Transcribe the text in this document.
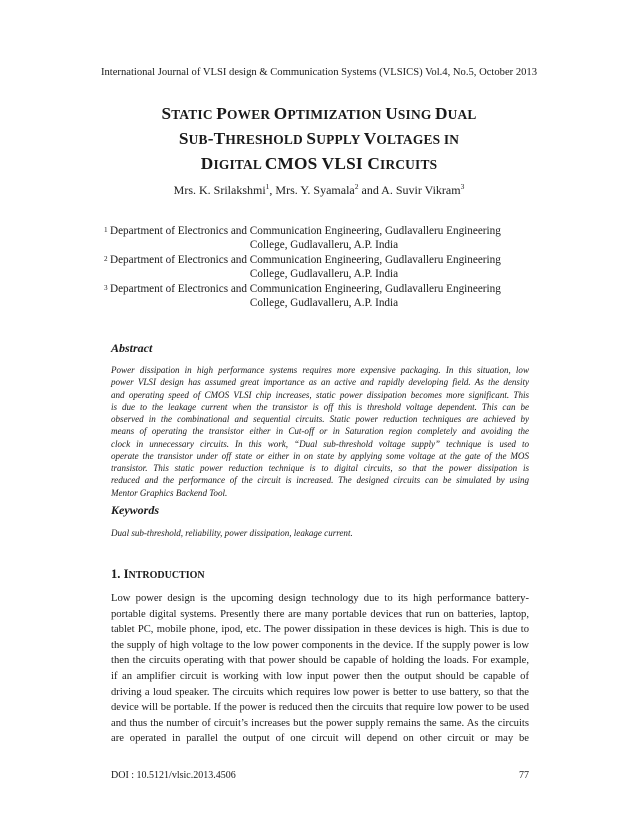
International Journal of VLSI design & Communication Systems (VLSICS) Vol.4, No.5, October 2013
STATIC POWER OPTIMIZATION USING DUAL
SUB-THRESHOLD SUPPLY VOLTAGES IN
DIGITAL CMOS VLSI CIRCUITS
Mrs. K. Srilakshmi$^1$, Mrs. Y. Syamala$^2$ and A. Suvir Vikram$^3$
1 Department of Electronics and Communication Engineering, Gudlavalleru Engineering
College, Gudlavalleru, A.P. India
2 Department of Electronics and Communication Engineering, Gudlavalleru Engineering
College, Gudlavalleru, A.P. India
3 Department of Electronics and Communication Engineering, Gudlavalleru Engineering
College, Gudlavalleru, A.P. India
Abstract
Power dissipation in high performance systems requires more expensive packaging. In this situation, low
power VLSI design has assumed great importance as an active and rapidly developing field. As the density
and operating speed of CMOS VLSI chip increases, static power dissipation becomes more significant. This
is due to the leakage current when the transistor is off this is threshold voltage dependent. This can be
observed in the combinational and sequential circuits. Static power reduction techniques are achieved by
means of operating the transistor either in Cut-off or in Saturation region completely and avoiding the
clock in unnecessary circuits. In this work, “Dual sub-threshold voltage supply” technique is used to
operate the transistor under off state or either in on state by applying some voltage at the gate of the MOS
transistor. This static power reduction technique is to digital circuits, so that the power dissipation is
reduced and the performance of the circuit is increased. The designed circuits can be simulated by using
Mentor Graphics Backend Tool.
Keywords
Dual sub-threshold, reliability, power dissipation, leakage current.
1. INTRODUCTION
Low power design is the upcoming design technology due to its high performance battery-
portable digital systems. Presently there are many portable devices that run on batteries, laptop,
tablet PC, mobile phone, ipod, etc. The power dissipation in these devices is high. This is due to
the supply of high voltage to the low power components in the device. If the supply power is low
then the circuits operating with that power should be capable of holding the loads. For example,
if an amplifier circuit is working with low input power then the output should be capable of
driving a loud speaker. The circuits which requires low power is better to use battery, so that the
device will be portable. If the power is reduced then the circuits that require low power to be used
and thus the number of circuit’s increases but the power supply remains the same. As the circuits
are operated in parallel the output of one circuit will depend on other circuit or may be
DOI : 10.5121/vlsic.2013.4506	77
